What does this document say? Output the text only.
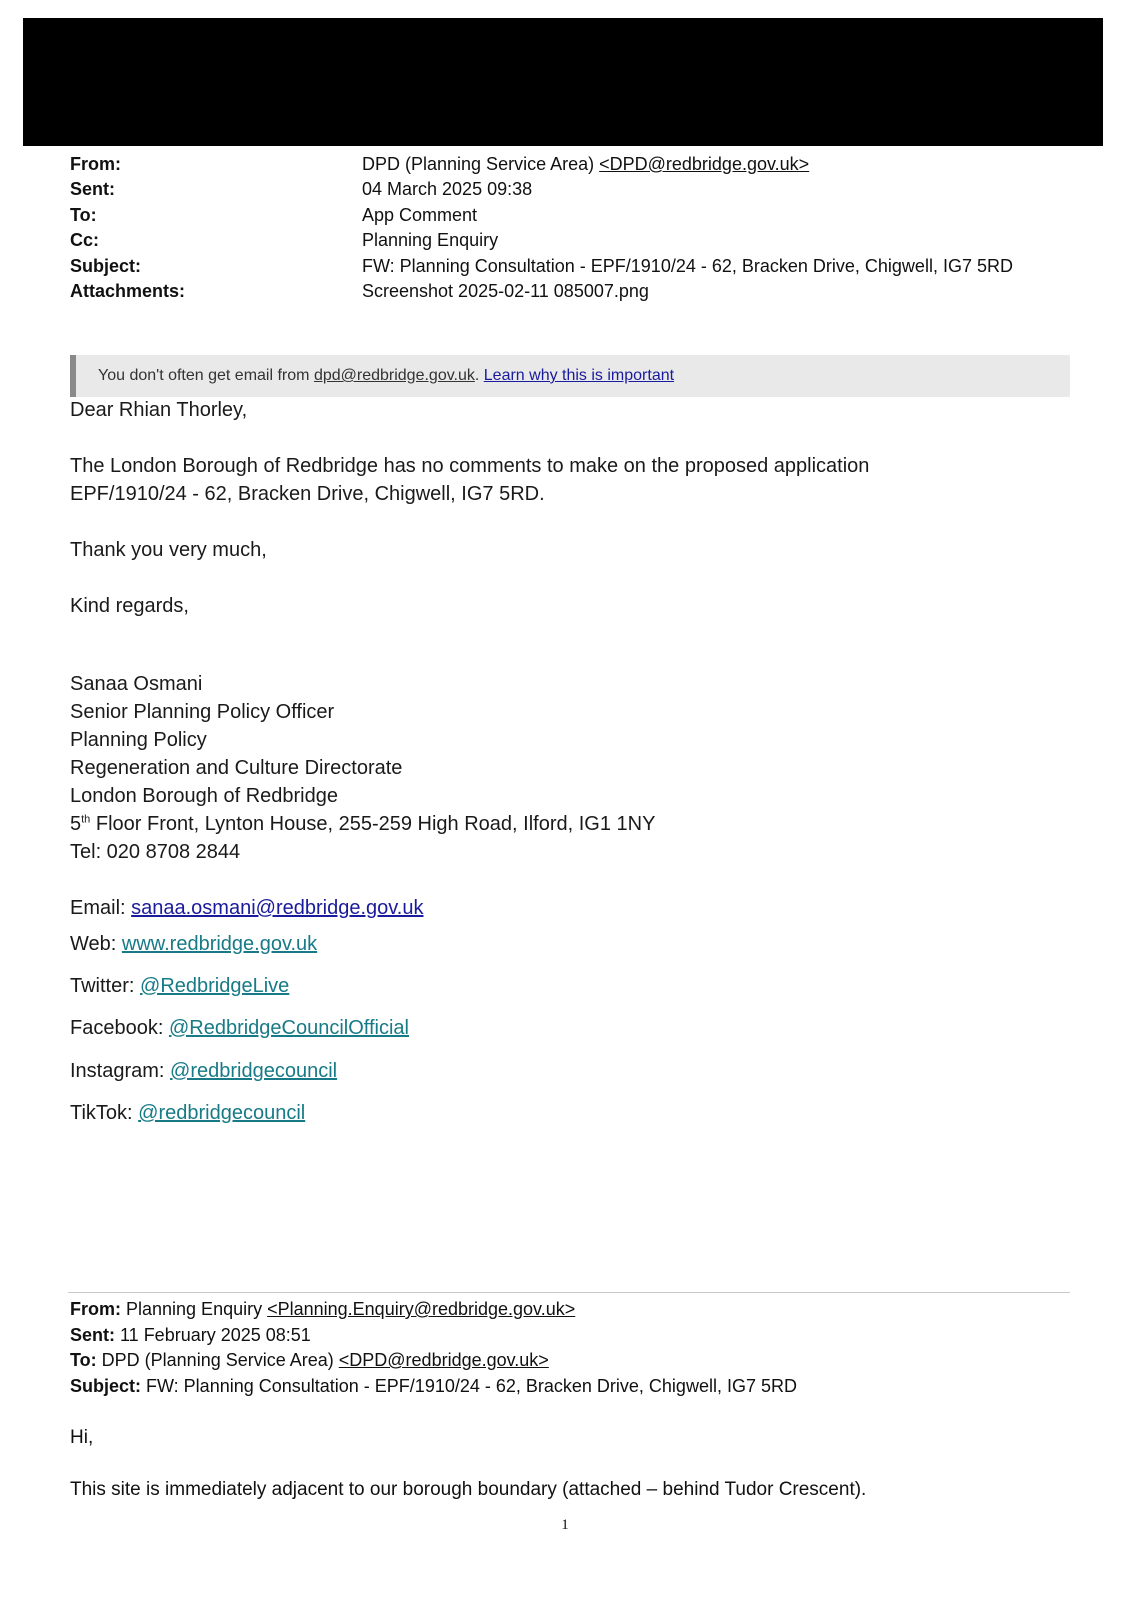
From:	DPD (Planning Service Area) <DPD@redbridge.gov.uk>
Sent:	04 March 2025 09:38
To:	App Comment
Cc:	Planning Enquiry
Subject:	FW: Planning Consultation - EPF/1910/24 - 62, Bracken Drive, Chigwell, IG7 5RD
Attachments:	Screenshot 2025-02-11 085007.png
You don't often get email from dpd@redbridge.gov.uk. Learn why this is important

Dear Rhian Thorley,

The London Borough of Redbridge has no comments to make on the proposed application

EPF/1910/24 - 62, Bracken Drive, Chigwell, IG7 5RD.

Thank you very much,

Kind regards,

Sanaa Osmani

Senior Planning Policy Officer

Planning Policy

Regeneration and Culture Directorate

London Borough of Redbridge

5th Floor Front, Lynton House, 255-259 High Road, Ilford, IG1 1NY

Tel: 020 8708 2844

Email: sanaa.osmani@redbridge.gov.uk

Web: www.redbridge.gov.uk
Twitter: @RedbridgeLive
Facebook: @RedbridgeCouncilOfficial
Instagram: @redbridgecouncil
TikTok: @redbridgecouncil
From: Planning Enquiry <Planning.Enquiry@redbridge.gov.uk>
Sent: 11 February 2025 08:51
To: DPD (Planning Service Area) <DPD@redbridge.gov.uk>
Subject: FW: Planning Consultation - EPF/1910/24 - 62, Bracken Drive, Chigwell, IG7 5RD
Hi,
This site is immediately adjacent to our borough boundary (attached – behind Tudor Crescent).
1
